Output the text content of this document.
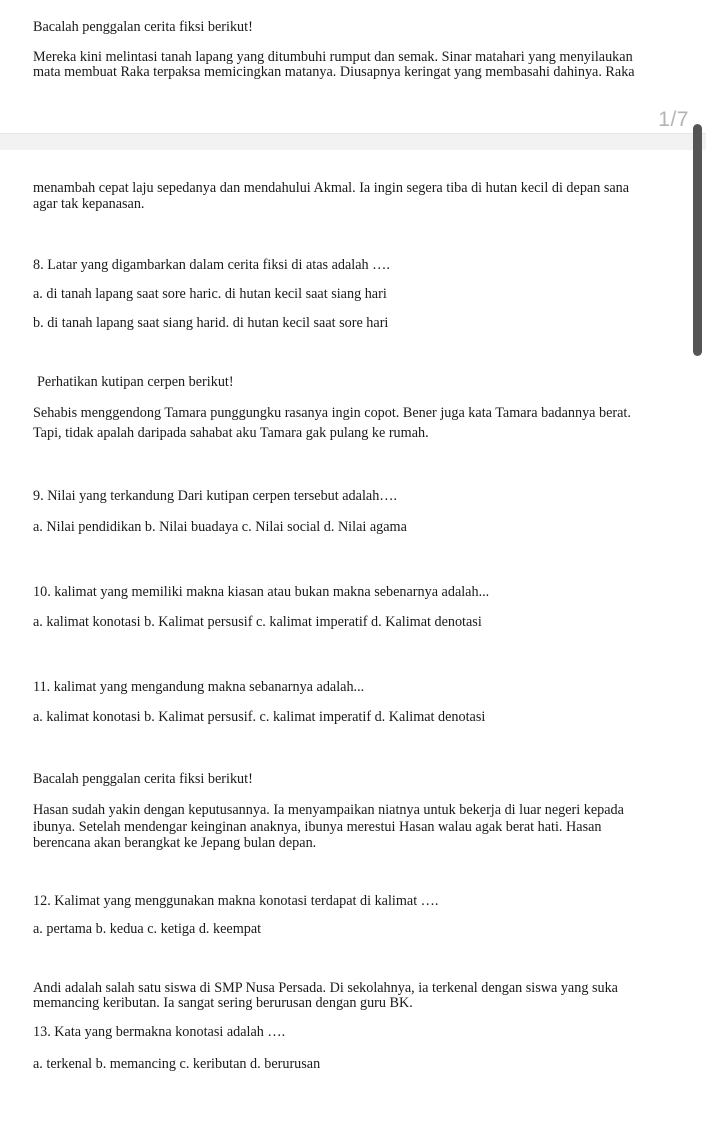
Bacalah penggalan cerita fiksi berikut!

Mereka kini melintasi tanah lapang yang ditumbuhi rumput dan semak. Sinar matahari yang menyilaukan

mata membuat Raka terpaksa memicingkan matanya. Diusapnya keringat yang membasahi dahinya. Raka

1/7

menambah cepat laju sepedanya dan mendahului Akmal. Ia ingin segera tiba di hutan kecil di depan sana

agar tak kepanasan.

8. Latar yang digambarkan dalam cerita fiksi di atas adalah ….

a. di tanah lapang saat sore haric. di hutan kecil saat siang hari

b. di tanah lapang saat siang harid. di hutan kecil saat sore hari

Perhatikan kutipan cerpen berikut!

Sehabis menggendong Tamara punggungku rasanya ingin copot. Bener juga kata Tamara badannya berat.

Tapi, tidak apalah daripada sahabat aku Tamara gak pulang ke rumah.

9. Nilai yang terkandung Dari kutipan cerpen tersebut adalah….

a. Nilai pendidikan b. Nilai buadaya c. Nilai social d. Nilai agama

10. kalimat yang memiliki makna kiasan atau bukan makna sebenarnya adalah...

a. kalimat konotasi b. Kalimat persusif c. kalimat imperatif d. Kalimat denotasi

11. kalimat yang mengandung makna sebanarnya adalah...

a. kalimat konotasi b. Kalimat persusif. c. kalimat imperatif d. Kalimat denotasi

Bacalah penggalan cerita fiksi berikut!

Hasan sudah yakin dengan keputusannya. Ia menyampaikan niatnya untuk bekerja di luar negeri kepada

ibunya. Setelah mendengar keinginan anaknya, ibunya merestui Hasan walau agak berat hati. Hasan

berencana akan berangkat ke Jepang bulan depan.

12. Kalimat yang menggunakan makna konotasi terdapat di kalimat ….

a. pertama b. kedua c. ketiga d. keempat

Andi adalah salah satu siswa di SMP Nusa Persada. Di sekolahnya, ia terkenal dengan siswa yang suka

memancing keributan. Ia sangat sering berurusan dengan guru BK.

13. Kata yang bermakna konotasi adalah ….

a. terkenal b. memancing c. keributan d. berurusan
